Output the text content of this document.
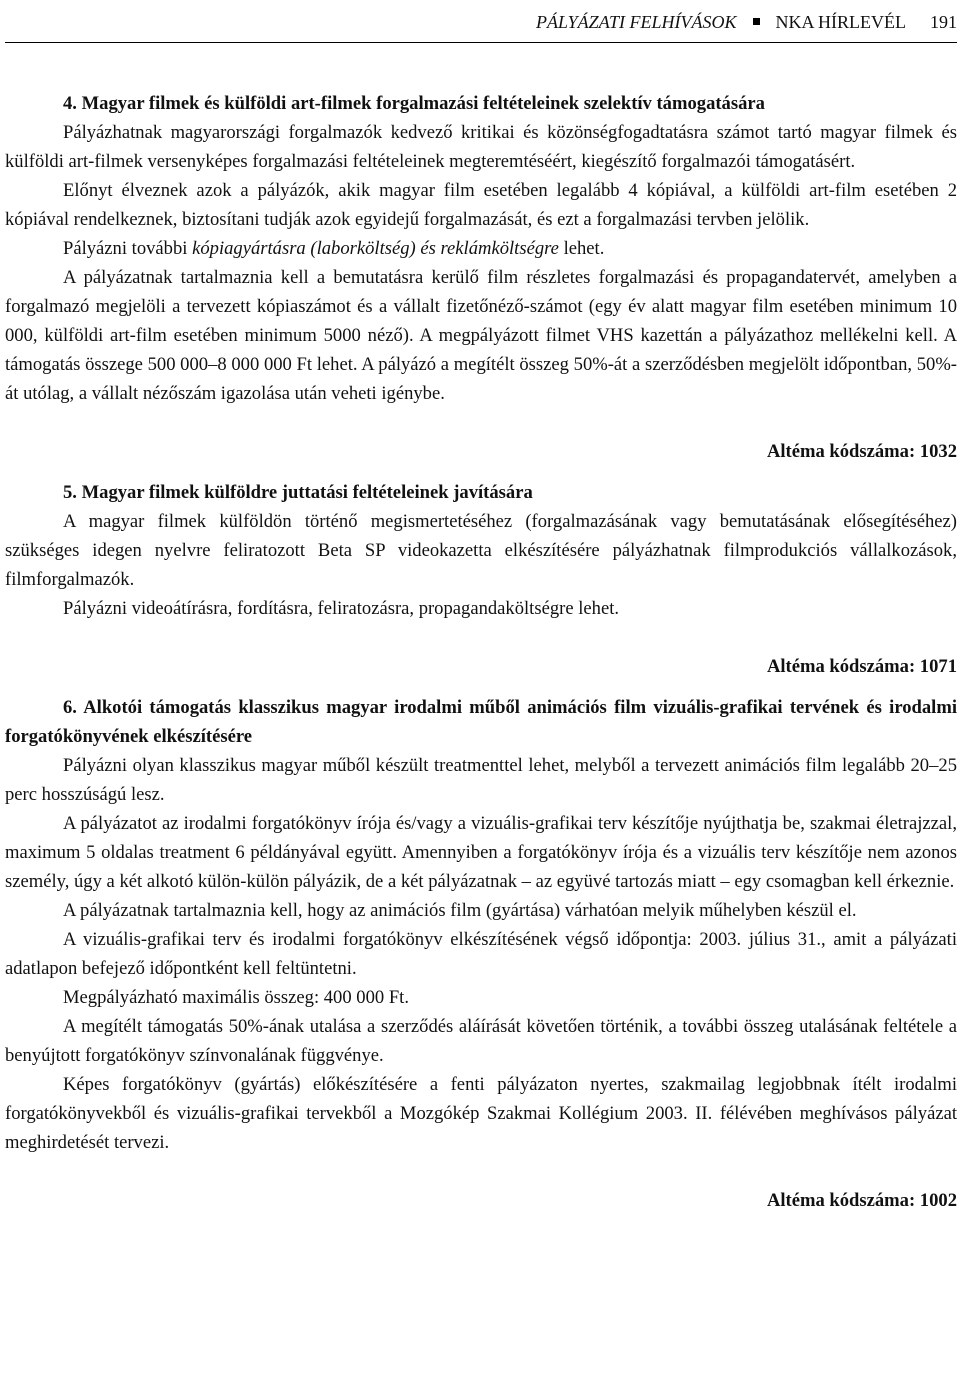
PÁLYÁZATI FELHÍVÁSOK NKA HÍRLEVÉL 191

4. Magyar filmek és külföldi art-filmek forgalmazási feltételeinek szelektív támogatására

Pályázhatnak magyarországi forgalmazók kedvező kritikai és közönségfogadtatásra számot tartó magyar filmek és külföldi art-filmek versenyképes forgalmazási feltételeinek megteremtéséért, kiegészítő forgalmazói támogatásért.

Előnyt élveznek azok a pályázók, akik magyar film esetében legalább 4 kópiával, a külföldi art-film esetében 2 kópiával rendelkeznek, biztosítani tudják azok egyidejű forgalmazását, és ezt a forgalmazási tervben jelölik.

Pályázni további kópiagyártásra (laborköltség) és reklámköltségre lehet.

A pályázatnak tartalmaznia kell a bemutatásra kerülő film részletes forgalmazási és propagandatervét, amelyben a forgalmazó megjelöli a tervezett kópiaszámot és a vállalt fizetőnéző-számot (egy év alatt magyar film esetében minimum 10 000, külföldi art-film esetében minimum 5000 néző). A megpályázott filmet VHS kazettán a pályázathoz mellékelni kell. A támogatás összege 500 000–8 000 000 Ft lehet. A pályázó a megítélt összeg 50%-át a szerződésben megjelölt időpontban, 50%-át utólag, a vállalt nézőszám igazolása után veheti igénybe.

Altéma kódszáma: 1032

5. Magyar filmek külföldre juttatási feltételeinek javítására

A magyar filmek külföldön történő megismertetéséhez (forgalmazásának vagy bemutatásának elősegítéséhez) szükséges idegen nyelvre feliratozott Beta SP videokazetta elkészítésére pályázhatnak filmprodukciós vállalkozások, filmforgalmazók.

Pályázni videoátírásra, fordításra, feliratozásra, propagandaköltségre lehet.

Altéma kódszáma: 1071

6. Alkotói támogatás klasszikus magyar irodalmi műből animációs film vizuális-grafikai tervének és irodalmi forgatókönyvének elkészítésére

Pályázni olyan klasszikus magyar műből készült treatmenttel lehet, melyből a tervezett animációs film legalább 20–25 perc hosszúságú lesz.

A pályázatot az irodalmi forgatókönyv írója és/vagy a vizuális-grafikai terv készítője nyújthatja be, szakmai életrajzzal, maximum 5 oldalas treatment 6 példányával együtt. Amennyiben a forgatókönyv írója és a vizuális terv készítője nem azonos személy, úgy a két alkotó külön-külön pályázik, de a két pályázatnak – az együvé tartozás miatt – egy csomagban kell érkeznie.

A pályázatnak tartalmaznia kell, hogy az animációs film (gyártása) várhatóan melyik műhelyben készül el.

A vizuális-grafikai terv és irodalmi forgatókönyv elkészítésének végső időpontja: 2003. július 31., amit a pályázati adatlapon befejező időpontként kell feltüntetni.

Megpályázható maximális összeg: 400 000 Ft.

A megítélt támogatás 50%-ának utalása a szerződés aláírását követően történik, a további összeg utalásának feltétele a benyújtott forgatókönyv színvonalának függvénye.

Képes forgatókönyv (gyártás) előkészítésére a fenti pályázaton nyertes, szakmailag legjobbnak ítélt irodalmi forgatókönyvekből és vizuális-grafikai tervekből a Mozgókép Szakmai Kollégium 2003. II. félévében meghívásos pályázat meghirdetését tervezi.

Altéma kódszáma: 1002
